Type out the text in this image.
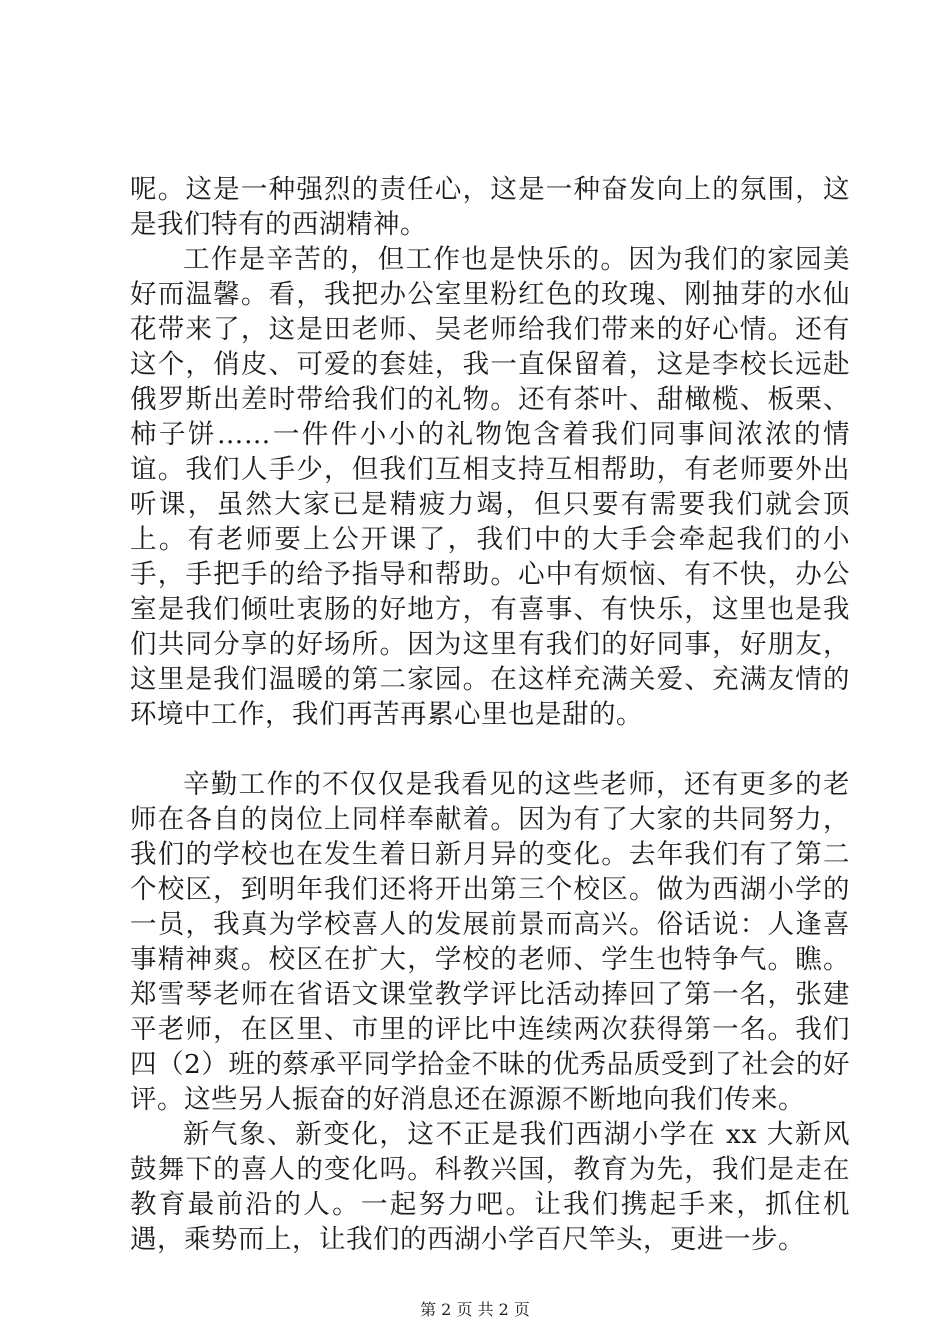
呢。这是一种强烈的责任心，这是一种奋发向上的氛围，这是我们特有的西湖精神。

工作是辛苦的，但工作也是快乐的。因为我们的家园美好而温馨。看，我把办公室里粉红色的玫瑰、刚抽芽的水仙花带来了，这是田老师、吴老师给我们带来的好心情。还有这个，俏皮、可爱的套娃，我一直保留着，这是李校长远赴俄罗斯出差时带给我们的礼物。还有茶叶、甜橄榄、板栗、柿子饼……一件件小小的礼物饱含着我们同事间浓浓的情谊。我们人手少，但我们互相支持互相帮助，有老师要外出听课，虽然大家已是精疲力竭，但只要有需要我们就会顶上。有老师要上公开课了，我们中的大手会牵起我们的小手，手把手的给予指导和帮助。心中有烦恼、有不快，办公室是我们倾吐衷肠的好地方，有喜事、有快乐，这里也是我们共同分享的好场所。因为这里有我们的好同事，好朋友，这里是我们温暖的第二家园。在这样充满关爱、充满友情的环境中工作，我们再苦再累心里也是甜的。

辛勤工作的不仅仅是我看见的这些老师，还有更多的老师在各自的岗位上同样奉献着。因为有了大家的共同努力，我们的学校也在发生着日新月异的变化。去年我们有了第二个校区，到明年我们还将开出第三个校区。做为西湖小学的一员，我真为学校喜人的发展前景而高兴。俗话说：人逢喜事精神爽。校区在扩大，学校的老师、学生也特争气。瞧。郑雪琴老师在省语文课堂教学评比活动捧回了第一名，张建平老师，在区里、市里的评比中连续两次获得第一名。我们四（2）班的蔡承平同学拾金不昧的优秀品质受到了社会的好评。这些另人振奋的好消息还在源源不断地向我们传来。

新气象、新变化，这不正是我们西湖小学在 xx 大新风鼓舞下的喜人的变化吗。科教兴国，教育为先，我们是走在教育最前沿的人。一起努力吧。让我们携起手来，抓住机遇，乘势而上，让我们的西湖小学百尺竿头，更进一步。

第 2 页 共 2 页
